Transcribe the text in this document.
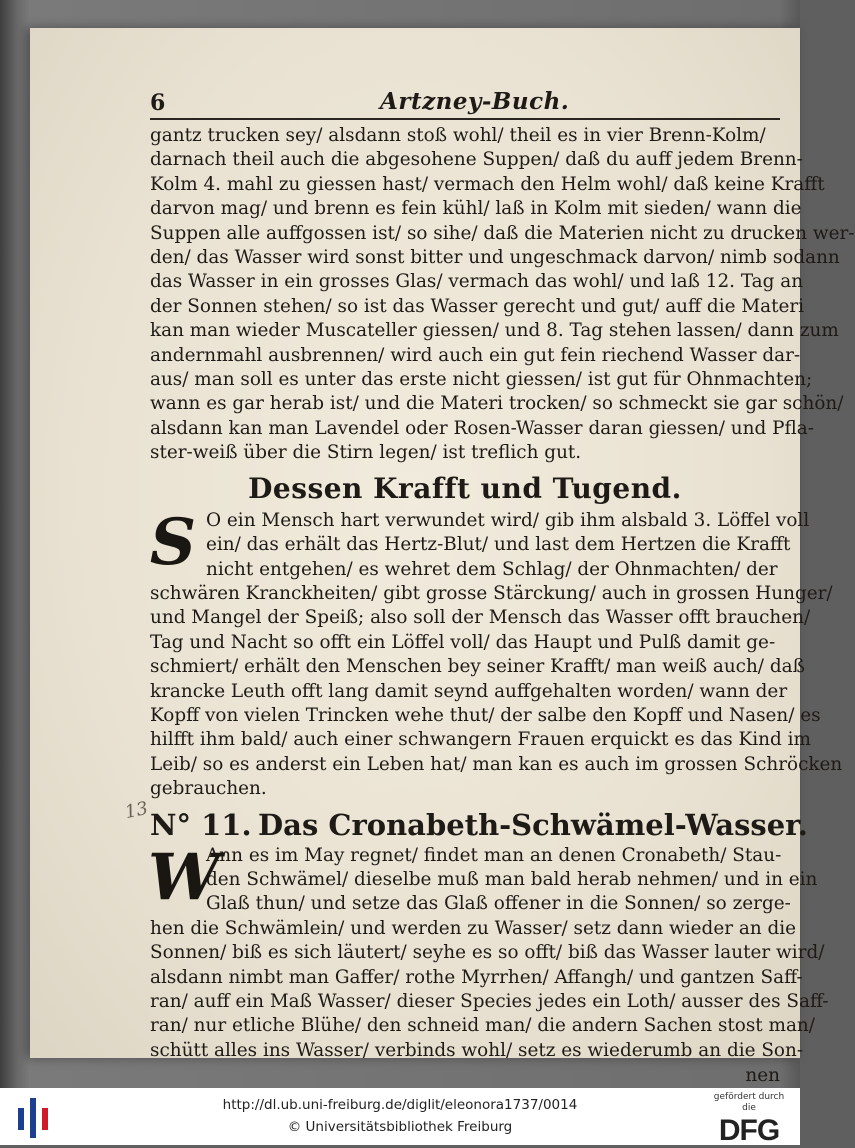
6	Artzney-Buch.

gantz trucken sey/ alsdann stoß wohl/ theil es in vier Brenn-Kolm/

darnach theil auch die abgesohene Suppen/ daß du auff jedem Brenn-

Kolm 4. mahl zu giessen hast/ vermach den Helm wohl/ daß keine Krafft

darvon mag/ und brenn es fein kühl/ laß in Kolm mit sieden/ wann die

Suppen alle auffgossen ist/ so sihe/ daß die Materien nicht zu drucken wer-

den/ das Wasser wird sonst bitter und ungeschmack darvon/ nimb sodann

das Wasser in ein grosses Glas/ vermach das wohl/ und laß 12. Tag an

der Sonnen stehen/ so ist das Wasser gerecht und gut/ auff die Materi

kan man wieder Muscateller giessen/ und 8. Tag stehen lassen/ dann zum

andernmahl ausbrennen/ wird auch ein gut fein riechend Wasser dar-

aus/ man soll es unter das erste nicht giessen/ ist gut für Ohnmachten;

wann es gar herab ist/ und die Materi trocken/ so schmeckt sie gar schön/

alsdann kan man Lavendel oder Rosen-Wasser daran giessen/ und Pfla-

ster-weiß über die Stirn legen/ ist treflich gut.

Dessen Krafft und Tugend.
S O ein Mensch hart verwundet wird/ gib ihm alsbald 3. Löffel voll

ein/ das erhält das Hertz-Blut/ und last dem Hertzen die Krafft

nicht entgehen/ es wehret dem Schlag/ der Ohnmachten/ der

schwären Kranckheiten/ gibt grosse Stärckung/ auch in grossen Hunger/

und Mangel der Speiß; also soll der Mensch das Wasser offt brauchen/

Tag und Nacht so offt ein Löffel voll/ das Haupt und Pulß damit ge-

schmiert/ erhält den Menschen bey seiner Krafft/ man weiß auch/ daß

krancke Leuth offt lang damit seynd auffgehalten worden/ wann der

Kopff von vielen Trincken wehe thut/ der salbe den Kopff und Nasen/ es

hilfft ihm bald/ auch einer schwangern Frauen erquickt es das Kind im

Leib/ so es anderst ein Leben hat/ man kan es auch im grossen Schröcken

gebrauchen.

N° 11. Das Cronabeth-Schwämel-Wasser.
W

Ann es im May regnet/ findet man an denen Cronabeth/ Stau-

den Schwämel/ dieselbe muß man bald herab nehmen/ und in ein

Glaß thun/ und setze das Glaß offener in die Sonnen/ so zerge-

hen die Schwämlein/ und werden zu Wasser/ setz dann wieder an die

Sonnen/ biß es sich läutert/ seyhe es so offt/ biß das Wasser lauter wird/

alsdann nimbt man Gaffer/ rothe Myrrhen/ Affangh/ und gantzen Saff-

ran/ auff ein Maß Wasser/ dieser Species jedes ein Loth/ ausser des Saff-

ran/ nur etliche Blühe/ den schneid man/ die andern Sachen stost man/

schütt alles ins Wasser/ verbinds wohl/ setz es wiederumb an die Son-

nen
13
http://dl.ub.uni-freiburg.de/diglit/eleonora1737/0014
© Universitätsbibliothek Freiburg
gefördert durch die
DFG
